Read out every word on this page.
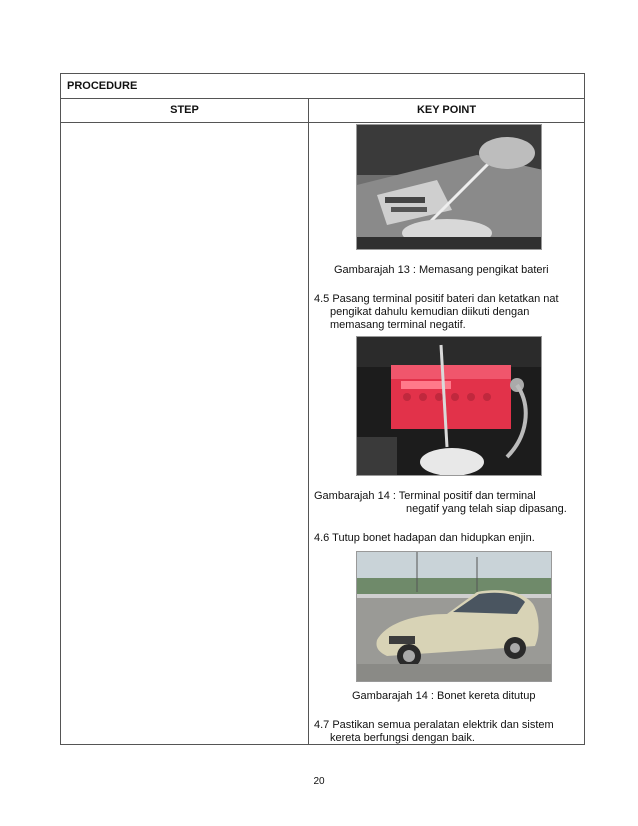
PROCEDURE
STEP	KEY POINT
Gambarajah 13 : Memasang pengikat bateri
4.5 Pasang terminal positif bateri dan ketatkan nat
pengikat dahulu kemudian diikuti dengan
memasang terminal negatif.
Gambarajah 14 : Terminal positif dan terminal
negatif yang telah siap dipasang.
4.6 Tutup bonet hadapan dan hidupkan enjin.
Gambarajah 14 : Bonet kereta ditutup
4.7 Pastikan semua peralatan elektrik dan sistem
kereta berfungsi dengan baik.
20
